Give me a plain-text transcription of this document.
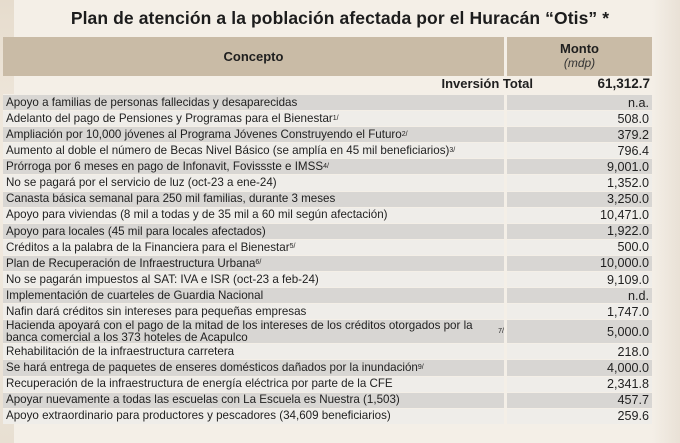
Plan de atención a la población afectada por el Huracán “Otis” *
Concepto
Monto
(mdp)
Inversión Total	61,312.7
Apoyo a familias de personas fallecidas y desaparecidas	n.a.
Adelanto del pago de Pensiones y Programas para el Bienestar 1/	508.0
Ampliación por 10,000 jóvenes al Programa Jóvenes Construyendo el Futuro 2/	379.2
Aumento al doble el número de Becas Nivel Básico (se amplía en 45 mil beneficiarios) 3/	796.4
Prórroga por 6 meses en pago de Infonavit, Fovissste e IMSS 4/	9,001.0
No se pagará por el servicio de luz (oct-23 a ene-24)	1,352.0
Canasta básica semanal para 250 mil familias, durante 3 meses	3,250.0
Apoyo para viviendas (8 mil a todas y de 35 mil a 60 mil según afectación)	10,471.0
Apoyo para locales (45 mil para locales afectados)	1,922.0
Créditos a la palabra de la Financiera para el Bienestar 5/	500.0
Plan de Recuperación de Infraestructura Urbana 6/	10,000.0
No se pagarán impuestos al SAT: IVA e ISR (oct-23 a feb-24)	9,109.0
Implementación de cuarteles de Guardia Nacional	n.d.
Nafin dará créditos sin intereses para pequeñas empresas	1,747.0
Hacienda apoyará con el pago de la mitad de los intereses de los créditos otorgados por la banca comercial a los 373 hoteles de Acapulco	7/	5,000.0
Rehabilitación de la infraestructura carretera	218.0
Se hará entrega de paquetes de enseres domésticos dañados por la inundación 9/	4,000.0
Recuperación de la infraestructura de energía eléctrica por parte de la CFE	2,341.8
Apoyar nuevamente a todas las escuelas con La Escuela es Nuestra (1,503)	457.7
Apoyo extraordinario para productores y pescadores (34,609 beneficiarios)	259.6
